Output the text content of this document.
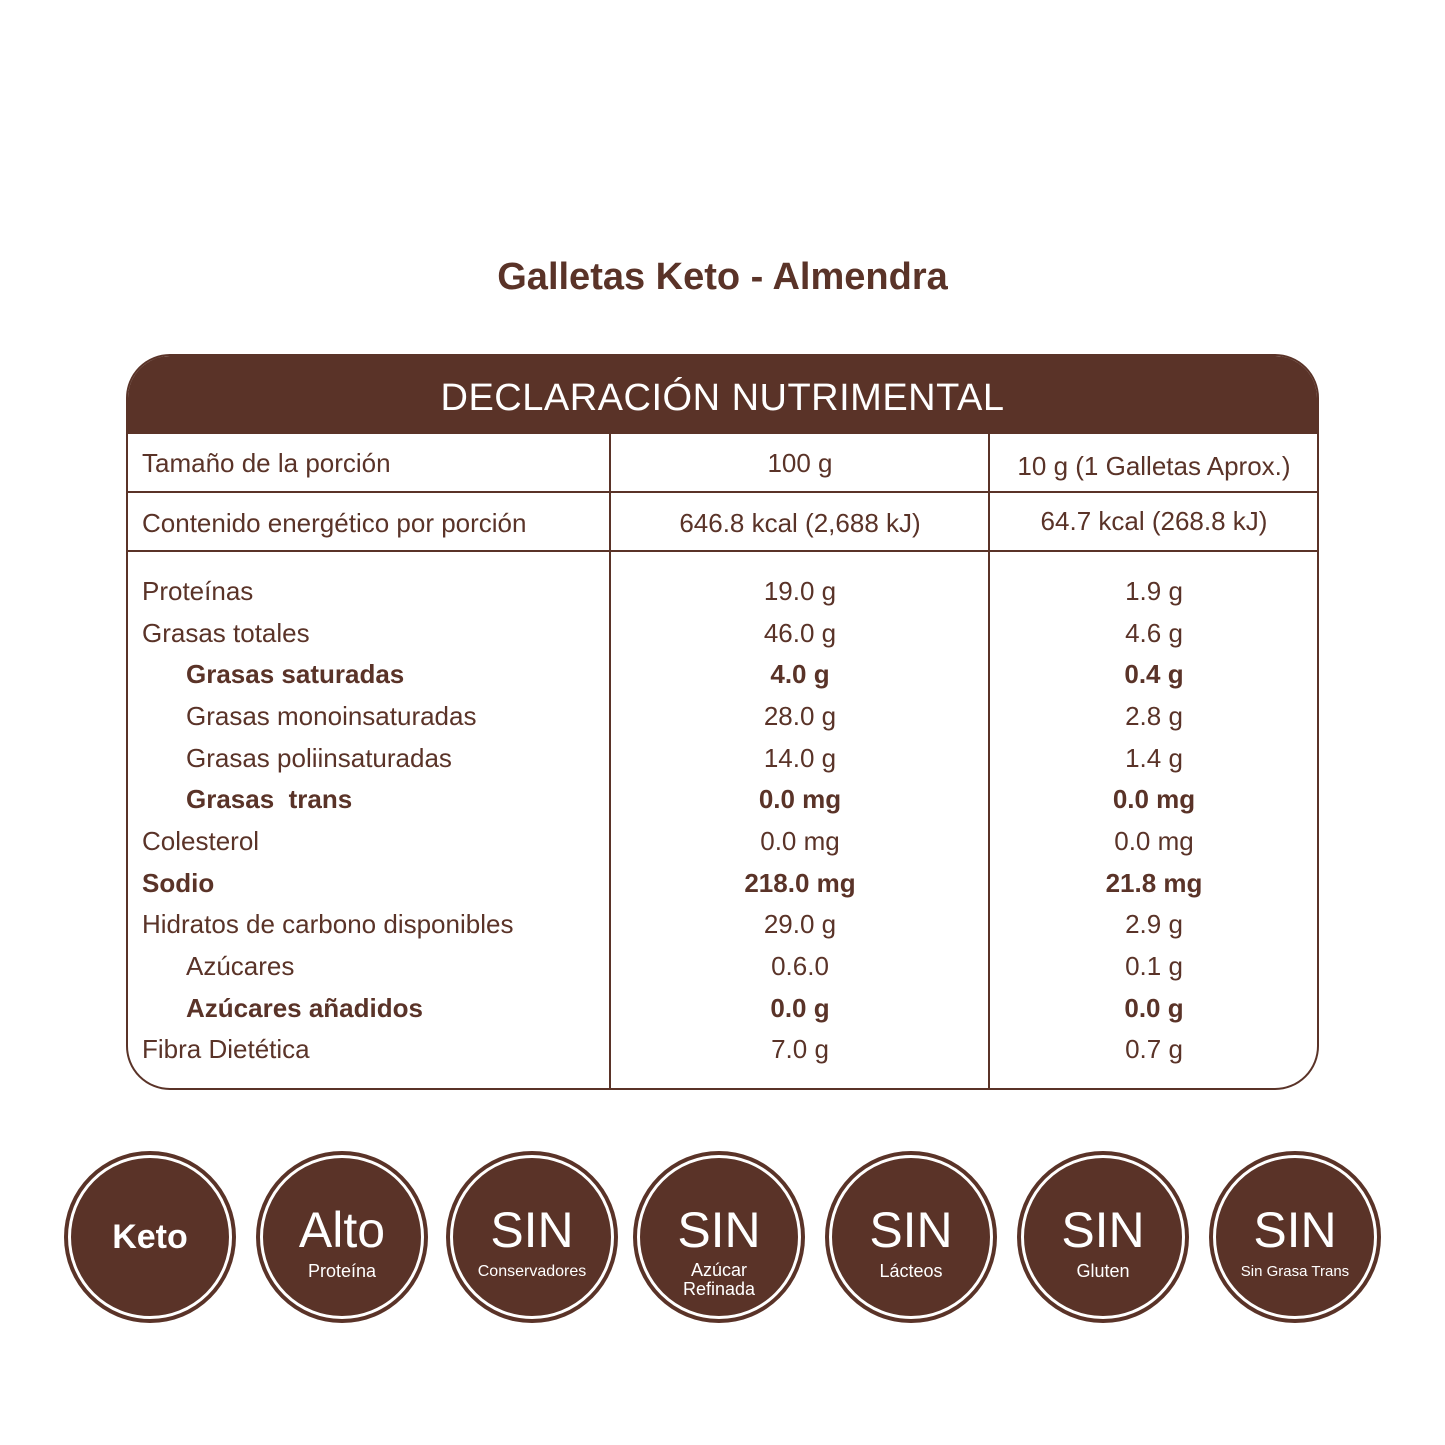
Galletas Keto - Almendra
DECLARACIÓN NUTRIMENTAL
Tamaño de la porción	100 g	10 g (1 Galletas Aprox.)
Contenido energético por porción	646.8 kcal (2,688 kJ)	64.7 kcal (268.8 kJ)
Proteínas	19.0 g	1.9 g
Grasas totales	46.0 g	4.6 g
Grasas saturadas	4.0 g	0.4 g
Grasas monoinsaturadas	28.0 g	2.8 g
Grasas poliinsaturadas	14.0 g	1.4 g
Grasas  trans	0.0 mg	0.0 mg
Colesterol	0.0 mg	0.0 mg
Sodio	218.0 mg	21.8 mg
Hidratos de carbono disponibles	29.0 g	2.9 g
Azúcares	0.6.0	0.1 g
Azúcares añadidos	0.0 g	0.0 g
Fibra Dietética	7.0 g	0.7 g
Keto	Alto
Proteína
SIN
Conservadores
SIN
Azúcar Refinada
SIN
Lácteos
SIN
Gluten
SIN
Sin Grasa Trans
